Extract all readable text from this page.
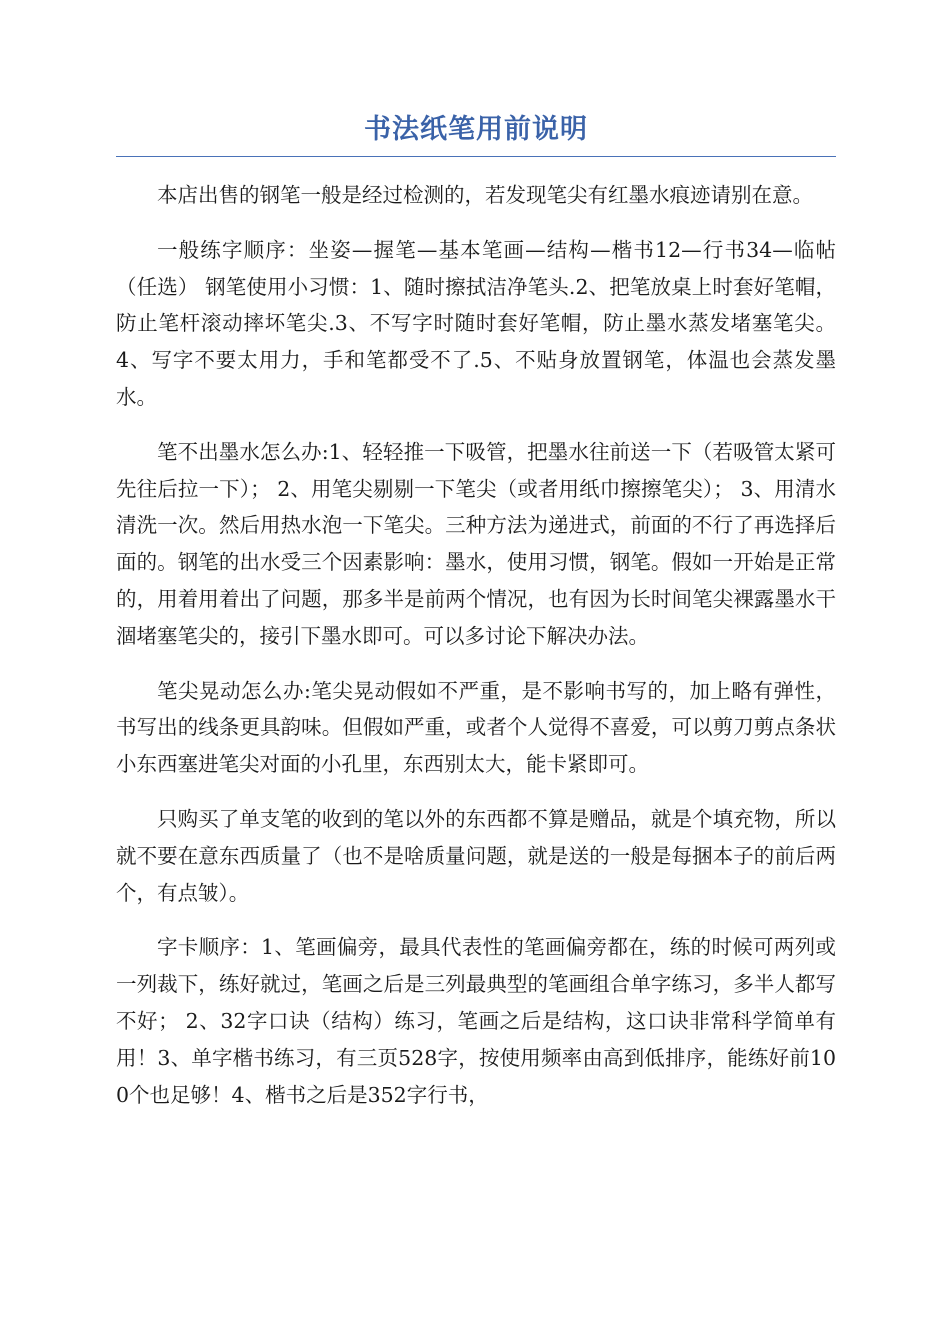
书法纸笔用前说明

本店出售的钢笔一般是经过检测的，若发现笔尖有红墨水痕迹请别在意。

一般练字顺序：坐姿—握笔—基本笔画—结构—楷书12—行书34—临帖（任选） 钢笔使用小习惯：1、随时擦拭洁净笔头.2、把笔放桌上时套好笔帽，防止笔杆滚动摔坏笔尖.3、不写字时随时套好笔帽，防止墨水蒸发堵塞笔尖。4、写字不要太用力，手和笔都受不了.5、不贴身放置钢笔，体温也会蒸发墨水。

笔不出墨水怎么办:1、轻轻推一下吸管，把墨水往前送一下（若吸管太紧可先往后拉一下）； 2、用笔尖剔剔一下笔尖（或者用纸巾擦擦笔尖）； 3、用清水清洗一次。然后用热水泡一下笔尖。三种方法为递进式，前面的不行了再选择后面的。钢笔的出水受三个因素影响：墨水，使用习惯，钢笔。假如一开始是正常的，用着用着出了问题，那多半是前两个情况，也有因为长时间笔尖裸露墨水干涸堵塞笔尖的，接引下墨水即可。可以多讨论下解决办法。

笔尖晃动怎么办:笔尖晃动假如不严重，是不影响书写的，加上略有弹性，书写出的线条更具韵味。但假如严重，或者个人觉得不喜爱，可以剪刀剪点条状小东西塞进笔尖对面的小孔里，东西别太大，能卡紧即可。

只购买了单支笔的收到的笔以外的东西都不算是赠品，就是个填充物，所以就不要在意东西质量了（也不是啥质量问题，就是送的一般是每捆本子的前后两个，有点皱）。

字卡顺序：1、笔画偏旁，最具代表性的笔画偏旁都在，练的时候可两列或一列裁下，练好就过，笔画之后是三列最典型的笔画组合单字练习，多半人都写不好； 2、32字口诀（结构）练习，笔画之后是结构，这口诀非常科学简单有用！3、单字楷书练习，有三页528字，按使用频率由高到低排序，能练好前100个也足够！4、楷书之后是352字行书，
